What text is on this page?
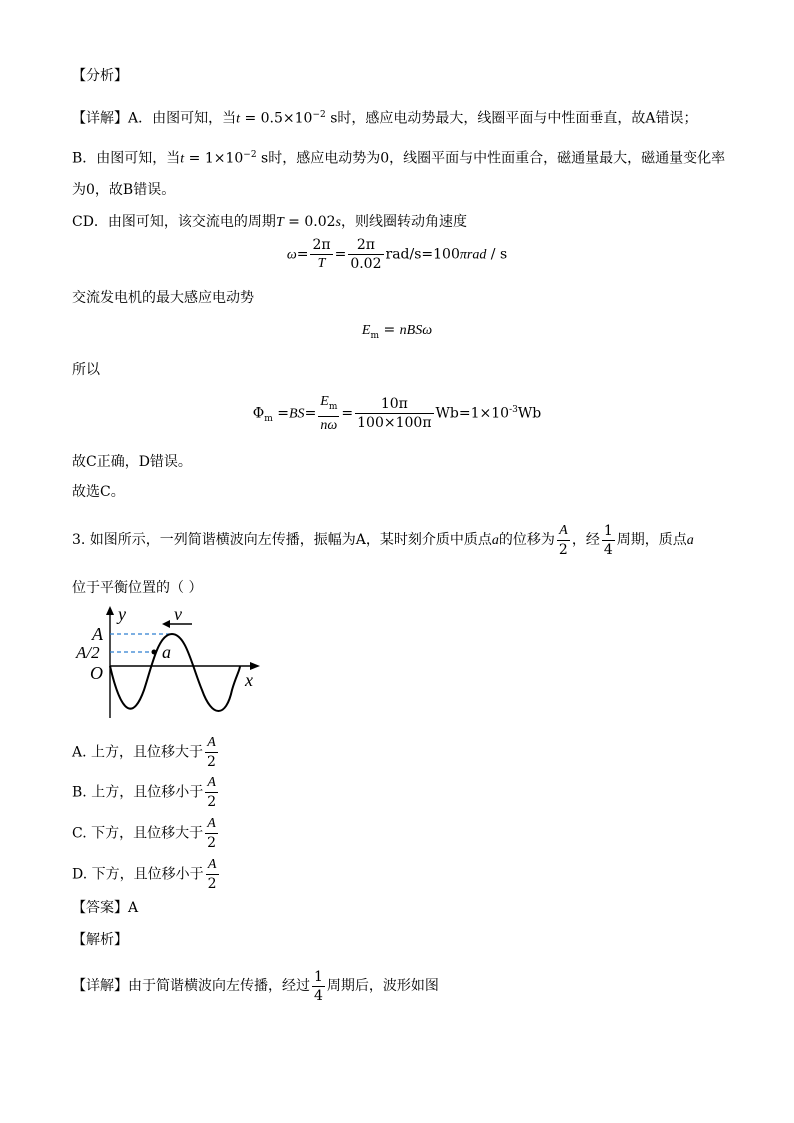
【分析】
【详解】A．由图可知，当$t = 0.5\times 10^{-2}$ s时，感应电动势最大，线圈平面与中性面垂直，故A错误；
B．由图可知，当$t = 1\times 10^{-2}$ s时，感应电动势为0，线圈平面与中性面重合，磁通量最大，磁通量变化率
为0，故B错误。
CD．由图可知，该交流电的周期T = 0.02s，则线圈转动角速度
$\omega= \frac{2\pi}{T} = \frac{2\pi}{0.02} rad/s=100\pi rad / s$
交流发电机的最大感应电动势
$E_m = nBS\omega$
所以
$\Phi_m =BS= \frac{E_m}{n\omega} = \frac{10\pi}{100\times 100\pi} Wb=1\times 10^{-3}Wb$
故C正确，D错误。
故选C。
3. 如图所示，一列简谐横波向左传播，振幅为A，某时刻介质中质点a的位移为 $\frac{A}{2}$ ，经 $\frac{1}{4}$ 周期，质点a
位于平衡位置的（ ）
y	v
A
A/2
O
a
x
A. 上方，且位移大于 $\frac{A}{2}$
B. 上方，且位移小于 $\frac{A}{2}$
C. 下方，且位移大于 $\frac{A}{2}$
D. 下方，且位移小于 $\frac{A}{2}$
【答案】A
【解析】
【详解】由于简谐横波向左传播，经过 $\frac{1}{4}$ 周期后，波形如图
